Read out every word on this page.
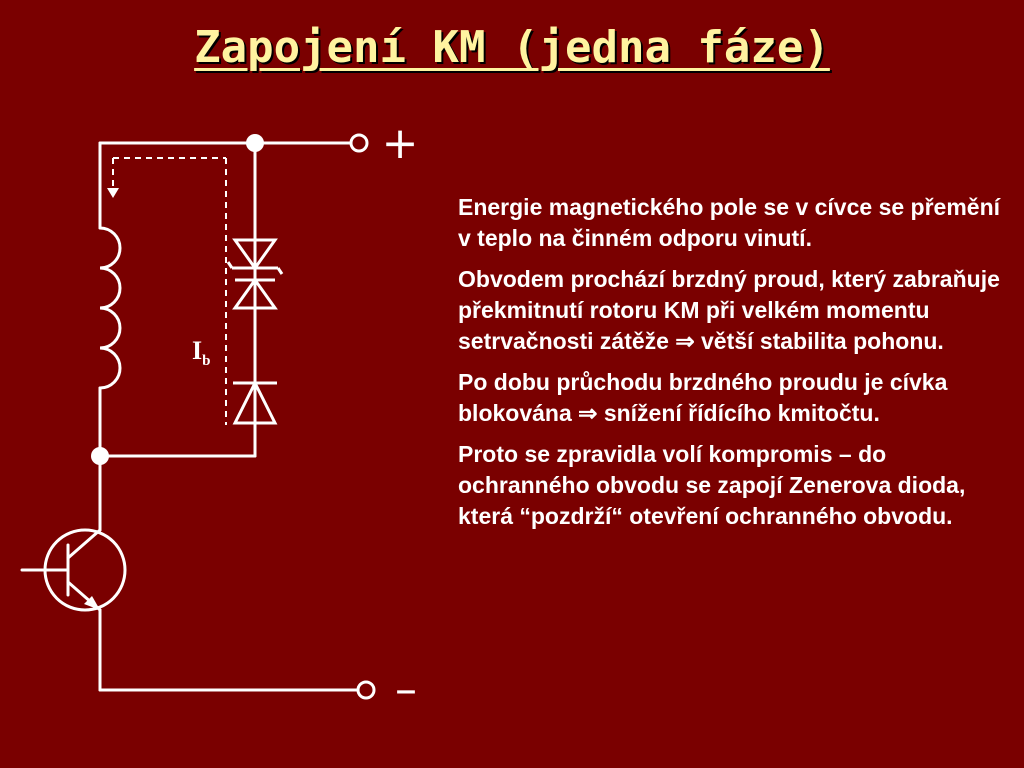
Zapojení KM (jedna fáze)
+
–
$I_b$

Energie magnetického pole se v cívce se přemění v teplo na činném odporu vinutí.

Obvodem prochází brzdný proud, který zabraňuje překmitnutí rotoru KM při velkém momentu setrvačnosti zátěže ⇒ větší stabilita pohonu.

Po dobu průchodu brzdného proudu je cívka blokována ⇒ snížení řídícího kmitočtu.

Proto se zpravidla volí kompromis – do ochranného obvodu se zapojí Zenerova dioda, která “pozdrží“ otevření ochranného obvodu.
